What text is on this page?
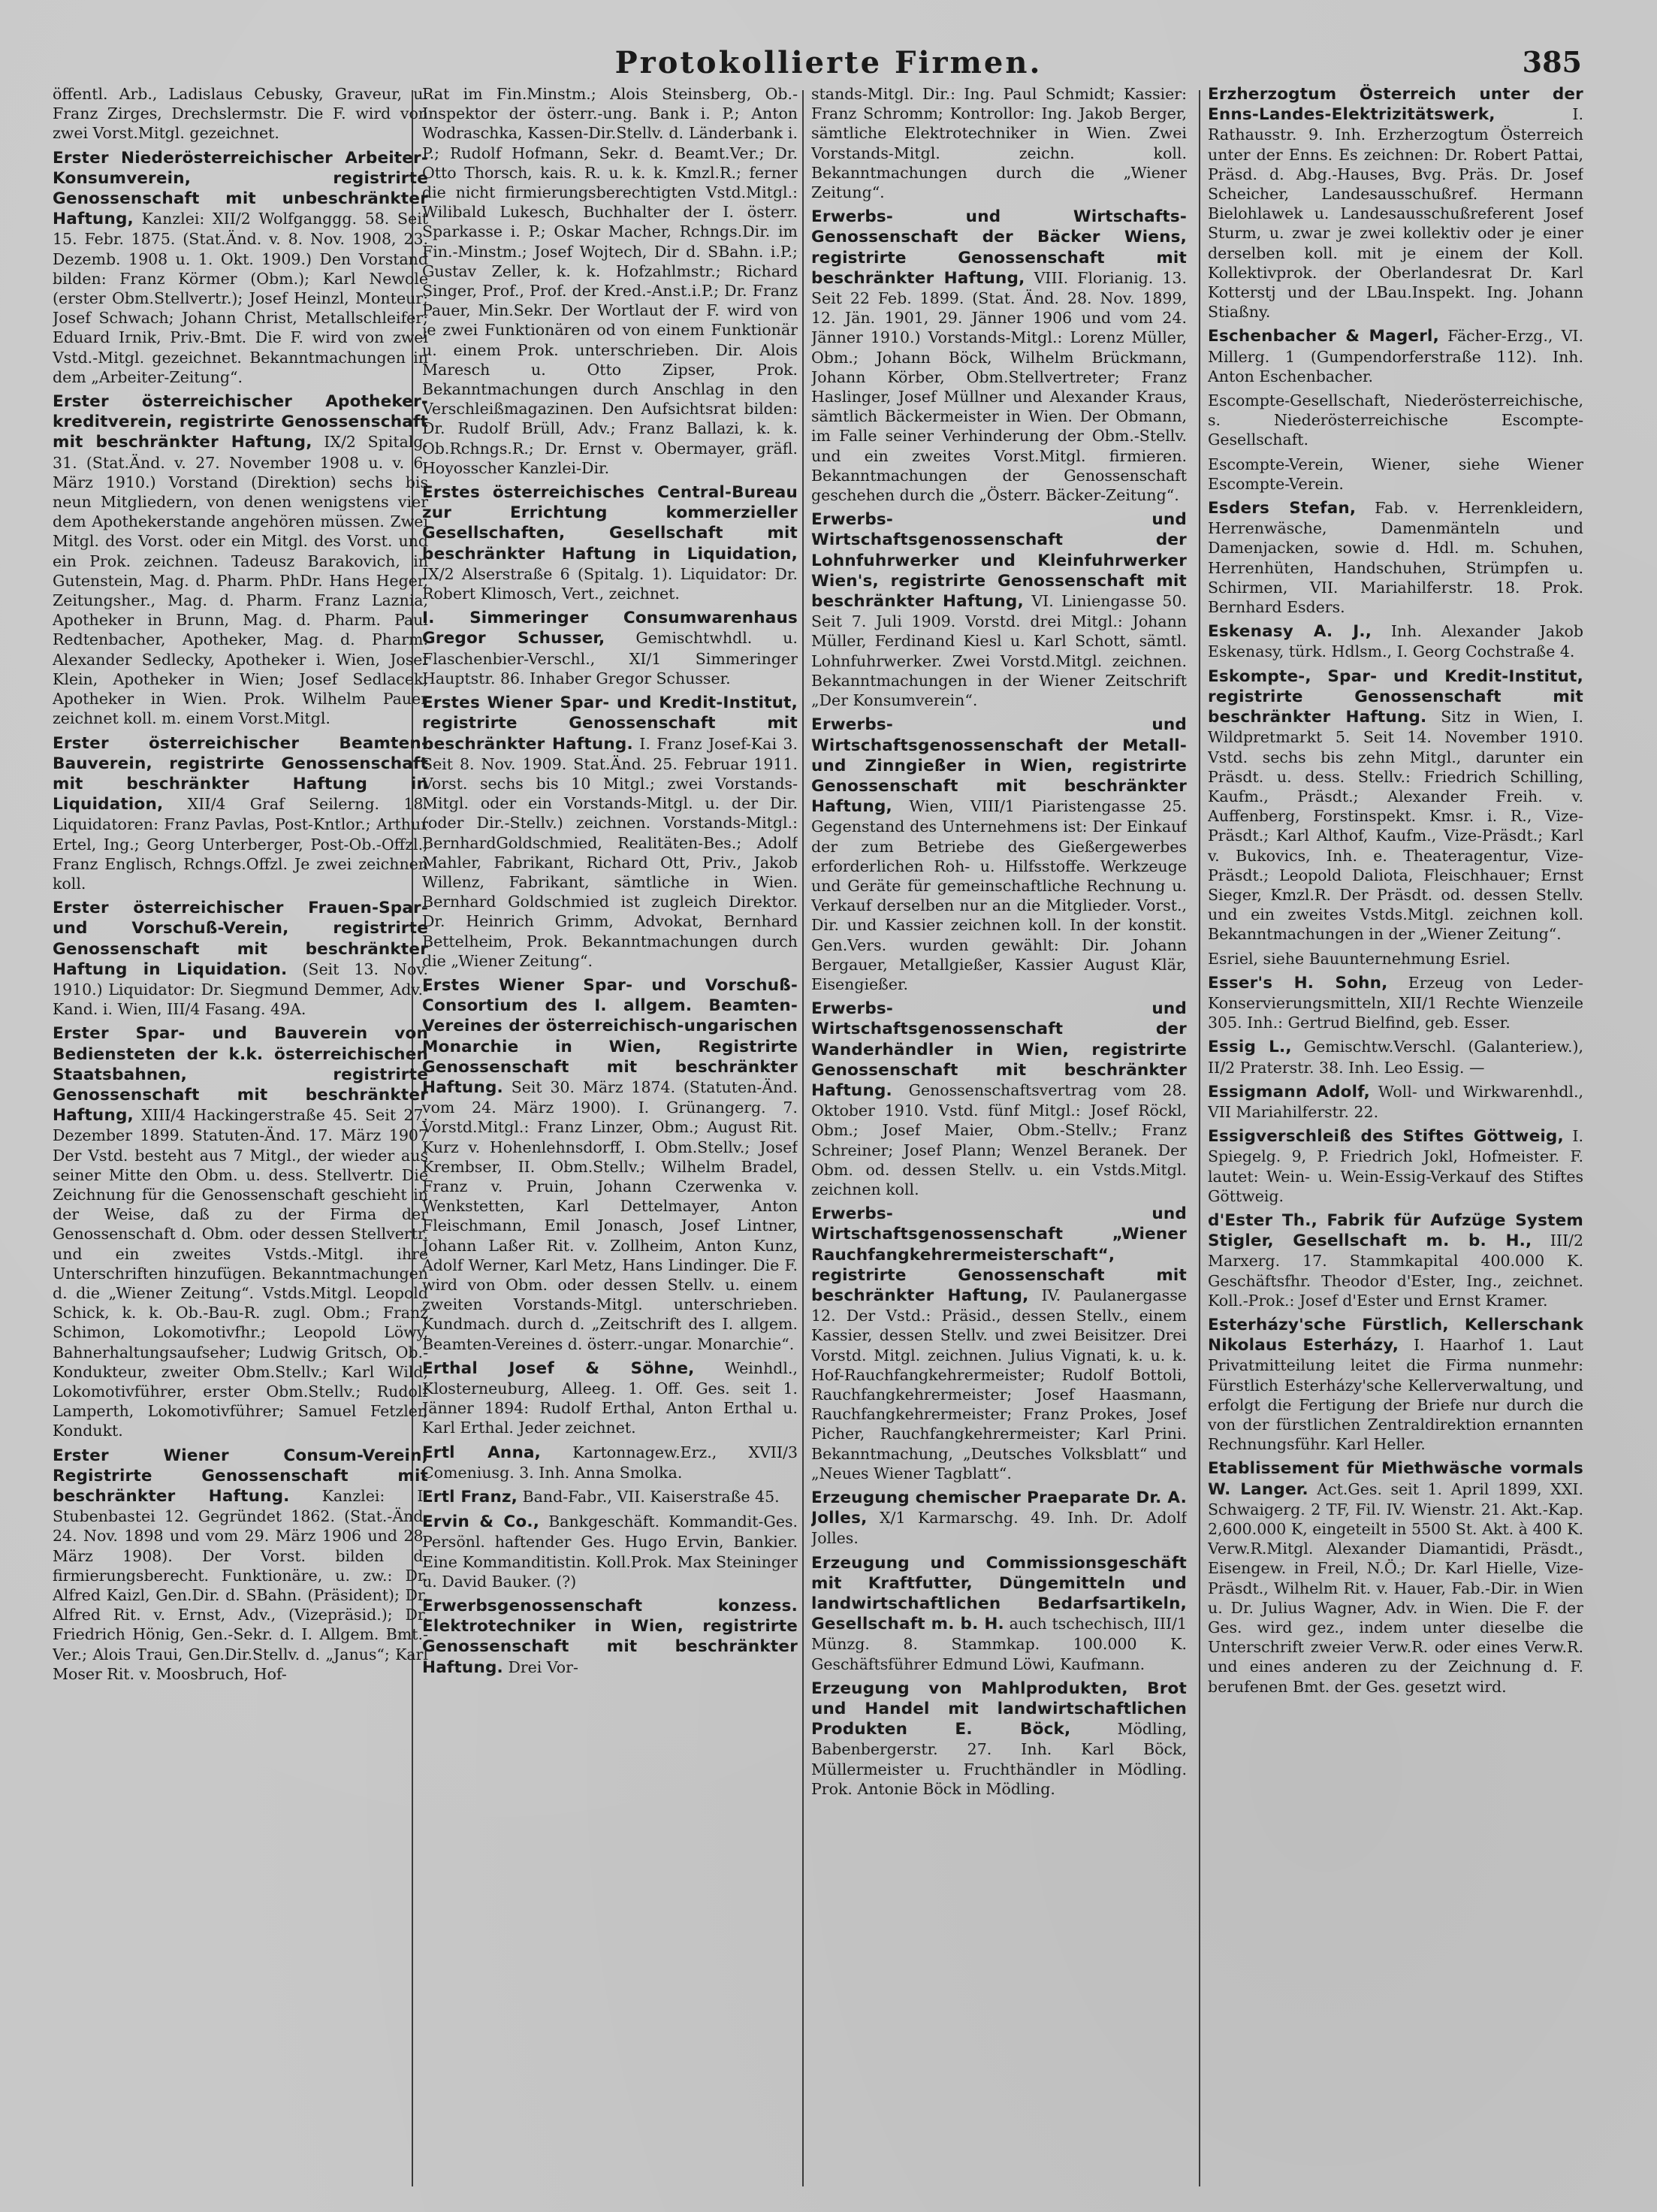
Protokollierte Firmen.	385

öffentl. Arb., Ladislaus Cebusky, Graveur, u. Franz Zirges, Drechslermstr. Die F. wird von zwei Vorst.Mitgl. gezeichnet.

Erster Niederösterreichischer Arbeiter-Konsumverein, registrirte Genossenschaft mit unbeschränkter Haftung, Kanzlei: XII/2 Wolfganggg. 58. Seit 15. Febr. 1875. (Stat.Änd. v. 8. Nov. 1908, 23. Dezemb. 1908 u. 1. Okt. 1909.) Den Vorstand bilden: Franz Körmer (Obm.); Karl Newole (erster Obm.Stellvertr.); Josef Heinzl, Monteur; Josef Schwach; Johann Christ, Metallschleifer; Eduard Irnik, Priv.-Bmt. Die F. wird von zwei Vstd.-Mitgl. gezeichnet. Bekanntmachungen in dem „Arbeiter-Zeitung“.

Erster österreichischer Apotheker-kreditverein, registrirte Genossenschaft mit beschränkter Haftung, IX/2 Spitalg. 31. (Stat.Änd. v. 27. November 1908 u. v. 6. März 1910.) Vorstand (Direktion) sechs bis neun Mitgliedern, von denen wenigstens vier dem Apothekerstande angehören müssen. Zwei Mitgl. des Vorst. oder ein Mitgl. des Vorst. und ein Prok. zeichnen. Tadeusz Barakovich, in Gutenstein, Mag. d. Pharm. PhDr. Hans Heger, Zeitungsher., Mag. d. Pharm. Franz Laznia, Apotheker in Brunn, Mag. d. Pharm. Paul Redtenbacher, Apotheker, Mag. d. Pharm. Alexander Sedlecky, Apotheker i. Wien, Josef Klein, Apotheker in Wien; Josef Sedlacek, Apotheker in Wien. Prok. Wilhelm Pauer zeichnet koll. m. einem Vorst.Mitgl.

Erster österreichischer Beamten-Bauverein, registrirte Genossenschaft mit beschränkter Haftung in Liquidation, XII/4 Graf Seilerng. 18. Liquidatoren: Franz Pavlas, Post-Kntlor.; Arthur Ertel, Ing.; Georg Unterberger, Post-Ob.-Offzl.; Franz Englisch, Rchngs.Offzl. Je zwei zeichnen koll.

Erster österreichischer Frauen-Spar- und Vorschuß-Verein, registrirte Genossenschaft mit beschränkter Haftung in Liquidation. (Seit 13. Nov. 1910.) Liquidator: Dr. Siegmund Demmer, Adv.-Kand. i. Wien, III/4 Fasang. 49A.

Erster Spar- und Bauverein von Bediensteten der k.k. österreichischen Staatsbahnen, registrirte Genossenschaft mit beschränkter Haftung, XIII/4 Hackingerstraße 45. Seit 27. Dezember 1899. Statuten-Änd. 17. März 1907 Der Vstd. besteht aus 7 Mitgl., der wieder aus seiner Mitte den Obm. u. dess. Stellvertr. Die Zeichnung für die Genossenschaft geschieht in der Weise, daß zu der Firma der Genossenschaft d. Obm. oder dessen Stellvertr. und ein zweites Vstds.-Mitgl. ihre Unterschriften hinzufügen. Bekanntmachungen d. die „Wiener Zeitung“. Vstds.Mitgl. Leopold Schick, k. k. Ob.-Bau-R. zugl. Obm.; Franz Schimon, Lokomotivfhr.; Leopold Löwy, Bahnerhaltungsaufseher; Ludwig Gritsch, Ob.-Kondukteur, zweiter Obm.Stellv.; Karl Wild, Lokomotivführer, erster Obm.Stellv.; Rudolf Lamperth, Lokomotivführer; Samuel Fetzler, Kondukt.

Erster Wiener Consum-Verein, Registrirte Genossenschaft mit beschränkter Haftung. Kanzlei: I. Stubenbastei 12. Gegründet 1862. (Stat.-Änd. 24. Nov. 1898 und vom 29. März 1906 und 28. März 1908). Der Vorst. bilden d. firmierungsberecht. Funktionäre, u. zw.: Dr. Alfred Kaizl, Gen.Dir. d. SBahn. (Präsident); Dr. Alfred Rit. v. Ernst, Adv., (Vizepräsid.); Dr. Friedrich Hönig, Gen.-Sekr. d. I. Allgem. Bmt.-Ver.; Alois Traui, Gen.Dir.Stellv. d. „Janus“; Karl Moser Rit. v. Moosbruch, Hof-

Rat im Fin.Minstm.; Alois Steinsberg, Ob.-Inspektor der österr.-ung. Bank i. P.; Anton Wodraschka, Kassen-Dir.Stellv. d. Länderbank i. P.; Rudolf Hofmann, Sekr. d. Beamt.Ver.; Dr. Otto Thorsch, kais. R. u. k. k. Kmzl.R.; ferner die nicht firmierungsberechtigten Vstd.Mitgl.: Wilibald Lukesch, Buchhalter der I. österr. Sparkasse i. P.; Oskar Macher, Rchngs.Dir. im Fin.-Minstm.; Josef Wojtech, Dir d. SBahn. i.P.; Gustav Zeller, k. k. Hofzahlmstr.; Richard Singer, Prof., Prof. der Kred.-Anst.i.P.; Dr. Franz Pauer, Min.Sekr. Der Wortlaut der F. wird von je zwei Funktionären od von einem Funktionär u. einem Prok. unterschrieben. Dir. Alois Maresch u. Otto Zipser, Prok. Bekanntmachungen durch Anschlag in den Verschleißmagazinen. Den Aufsichtsrat bilden: Dr. Rudolf Brüll, Adv.; Franz Ballazi, k. k. Ob.Rchngs.R.; Dr. Ernst v. Obermayer, gräfl. Hoyosscher Kanzlei-Dir.

Erstes österreichisches Central-Bureau zur Errichtung kommerzieller Gesellschaften, Gesellschaft mit beschränkter Haftung in Liquidation, IX/2 Alserstraße 6 (Spitalg. 1). Liquidator: Dr. Robert Klimosch, Vert., zeichnet.

I. Simmeringer Consumwarenhaus Gregor Schusser, Gemischtwhdl. u. Flaschenbier-Verschl., XI/1 Simmeringer Hauptstr. 86. Inhaber Gregor Schusser.

Erstes Wiener Spar- und Kredit-Institut, registrirte Genossenschaft mit beschränkter Haftung. I. Franz Josef-Kai 3. Seit 8. Nov. 1909. Stat.Änd. 25. Februar 1911. Vorst. sechs bis 10 Mitgl.; zwei Vorstands-Mitgl. oder ein Vorstands-Mitgl. u. der Dir. (oder Dir.-Stellv.) zeichnen. Vorstands-Mitgl.: BernhardGoldschmied, Realitäten-Bes.; Adolf Mahler, Fabrikant, Richard Ott, Priv., Jakob Willenz, Fabrikant, sämtliche in Wien. Bernhard Goldschmied ist zugleich Direktor. Dr. Heinrich Grimm, Advokat, Bernhard Bettelheim, Prok. Bekanntmachungen durch die „Wiener Zeitung“.

Erstes Wiener Spar- und Vorschuß-Consortium des I. allgem. Beamten-Vereines der österreichisch-ungarischen Monarchie in Wien, Registrirte Genossenschaft mit beschränkter Haftung. Seit 30. März 1874. (Statuten-Änd. vom 24. März 1900). I. Grünangerg. 7. Vorstd.Mitgl.: Franz Linzer, Obm.; August Rit. Kurz v. Hohenlehnsdorff, I. Obm.Stellv.; Josef Krembser, II. Obm.Stellv.; Wilhelm Bradel, Franz v. Pruin, Johann Czerwenka v. Wenkstetten, Karl Dettelmayer, Anton Fleischmann, Emil Jonasch, Josef Lintner, Johann Laßer Rit. v. Zollheim, Anton Kunz, Adolf Werner, Karl Metz, Hans Lindinger. Die F. wird von Obm. oder dessen Stellv. u. einem zweiten Vorstands-Mitgl. unterschrieben. Kundmach. durch d. „Zeitschrift des I. allgem. Beamten-Vereines d. österr.-ungar. Monarchie“.

Erthal Josef & Söhne, Weinhdl., Klosterneuburg, Alleeg. 1. Off. Ges. seit 1. Jänner 1894: Rudolf Erthal, Anton Erthal u. Karl Erthal. Jeder zeichnet.

Ertl Anna, Kartonnagew.Erz., XVII/3 Comeniusg. 3. Inh. Anna Smolka.

Ertl Franz, Band-Fabr., VII. Kaiserstraße 45.

Ervin & Co., Bankgeschäft. Kommandit-Ges. Persönl. haftender Ges. Hugo Ervin, Bankier. Eine Kommanditistin. Koll.Prok. Max Steininger u. David Bauker. (?)

Erwerbsgenossenschaft konzess. Elektrotechniker in Wien, registrirte Genossenschaft mit beschränkter Haftung. Drei Vor-

stands-Mitgl. Dir.: Ing. Paul Schmidt; Kassier: Franz Schromm; Kontrollor: Ing. Jakob Berger, sämtliche Elektrotechniker in Wien. Zwei Vorstands-Mitgl. zeichn. koll. Bekanntmachungen durch die „Wiener Zeitung“.

Erwerbs- und Wirtschafts-Genossenschaft der Bäcker Wiens, registrirte Genossenschaft mit beschränkter Haftung, VIII. Florianig. 13. Seit 22 Feb. 1899. (Stat. Änd. 28. Nov. 1899, 12. Jän. 1901, 29. Jänner 1906 und vom 24. Jänner 1910.) Vorstands-Mitgl.: Lorenz Müller, Obm.; Johann Böck, Wilhelm Brückmann, Johann Körber, Obm.Stellvertreter; Franz Haslinger, Josef Müllner und Alexander Kraus, sämtlich Bäckermeister in Wien. Der Obmann, im Falle seiner Verhinderung der Obm.-Stellv. und ein zweites Vorst.Mitgl. firmieren. Bekanntmachungen der Genossenschaft geschehen durch die „Österr. Bäcker-Zeitung“.

Erwerbs- und Wirtschaftsgenossenschaft der Lohnfuhrwerker und Kleinfuhrwerker Wien's, registrirte Genossenschaft mit beschränkter Haftung, VI. Liniengasse 50. Seit 7. Juli 1909. Vorstd. drei Mitgl.: Johann Müller, Ferdinand Kiesl u. Karl Schott, sämtl. Lohnfuhrwerker. Zwei Vorstd.Mitgl. zeichnen. Bekanntmachungen in der Wiener Zeitschrift „Der Konsumverein“.

Erwerbs- und Wirtschaftsgenossenschaft der Metall- und Zinngießer in Wien, registrirte Genossenschaft mit beschränkter Haftung, Wien, VIII/1 Piaristengasse 25. Gegenstand des Unternehmens ist: Der Einkauf der zum Betriebe des Gießergewerbes erforderlichen Roh- u. Hilfsstoffe. Werkzeuge und Geräte für gemeinschaftliche Rechnung u. Verkauf derselben nur an die Mitglieder. Vorst., Dir. und Kassier zeichnen koll. In der konstit. Gen.Vers. wurden gewählt: Dir. Johann Bergauer, Metallgießer, Kassier August Klär, Eisengießer.

Erwerbs- und Wirtschaftsgenossenschaft der Wanderhändler in Wien, registrirte Genossenschaft mit beschränkter Haftung. Genossenschaftsvertrag vom 28. Oktober 1910. Vstd. fünf Mitgl.: Josef Röckl, Obm.; Josef Maier, Obm.-Stellv.; Franz Schreiner; Josef Plann; Wenzel Beranek. Der Obm. od. dessen Stellv. u. ein Vstds.Mitgl. zeichnen koll.

Erwerbs- und Wirtschaftsgenossenschaft „Wiener Rauchfangkehrermeisterschaft“, registrirte Genossenschaft mit beschränkter Haftung, IV. Paulanergasse 12. Der Vstd.: Präsid., dessen Stellv., einem Kassier, dessen Stellv. und zwei Beisitzer. Drei Vorstd. Mitgl. zeichnen. Julius Vignati, k. u. k. Hof-Rauchfangkehrermeister; Rudolf Bottoli, Rauchfangkehrermeister; Josef Haasmann, Rauchfangkehrermeister; Franz Prokes, Josef Picher, Rauchfangkehrermeister; Karl Prini. Bekanntmachung, „Deutsches Volksblatt“ und „Neues Wiener Tagblatt“.

Erzeugung chemischer Praeparate Dr. A. Jolles, X/1 Karmarschg. 49. Inh. Dr. Adolf Jolles.

Erzeugung und Commissionsgeschäft mit Kraftfutter, Düngemitteln und landwirtschaftlichen Bedarfsartikeln, Gesellschaft m. b. H. auch tschechisch, III/1 Münzg. 8. Stammkap. 100.000 K. Geschäftsführer Edmund Löwi, Kaufmann.

Erzeugung von Mahlprodukten, Brot und Handel mit landwirtschaftlichen Produkten E. Böck,	Mödling, Babenbergerstr. 27. Inh. Karl Böck, Müllermeister u. Fruchthändler in Mödling. Prok. Antonie Böck in Mödling.

Erzherzogtum Österreich unter der Enns-Landes-Elektrizitätswerk,	I. Rathausstr. 9. Inh. Erzherzogtum Österreich unter der Enns. Es zeichnen: Dr. Robert Pattai, Präsd. d. Abg.-Hauses, Bvg. Präs. Dr. Josef Scheicher, Landesausschußref. Hermann Bielohlawek u. Landesausschußreferent Josef Sturm, u. zwar je zwei kollektiv oder je einer derselben koll. mit je einem der Koll. Kollektivprok. der Oberlandesrat Dr. Karl Kotterstj und der LBau.Inspekt. Ing. Johann Stiaßny.

Eschenbacher & Magerl, Fächer-Erzg., VI. Millerg. 1 (Gumpendorferstraße 112). Inh. Anton Eschenbacher.

Escompte-Gesellschaft, Niederösterreichische, s. Niederösterreichische Escompte-Gesellschaft.

Escompte-Verein, Wiener, siehe Wiener Escompte-Verein.

Esders Stefan, Fab. v. Herrenkleidern, Herrenwäsche, Damenmänteln und Damenjacken, sowie d. Hdl. m. Schuhen, Herrenhüten, Handschuhen, Strümpfen u. Schirmen, VII. Mariahilferstr. 18. Prok. Bernhard Esders.

Eskenasy A. J., Inh. Alexander Jakob Eskenasy, türk. Hdlsm., I. Georg Cochstraße 4.

Eskompte-, Spar- und Kredit-Institut, registrirte Genossenschaft mit beschränkter Haftung. Sitz in Wien, I. Wildpretmarkt 5. Seit 14. November 1910. Vstd. sechs bis zehn Mitgl., darunter ein Präsdt. u. dess. Stellv.: Friedrich Schilling, Kaufm., Präsdt.; Alexander Freih. v. Auffenberg, Forstinspekt. Kmsr. i. R., Vize-Präsdt.; Karl Althof, Kaufm., Vize-Präsdt.; Karl v. Bukovics, Inh. e. Theateragentur, Vize-Präsdt.; Leopold Daliota, Fleischhauer; Ernst Sieger, Kmzl.R. Der Präsdt. od. dessen Stellv. und ein zweites Vstds.Mitgl. zeichnen koll. Bekanntmachungen in der „Wiener Zeitung“.

Esriel, siehe Bauunternehmung Esriel.

Esser's H. Sohn, Erzeug von Leder-Konservierungsmitteln, XII/1 Rechte Wienzeile 305. Inh.: Gertrud Bielfind, geb. Esser.

Essig L., Gemischtw.Verschl. (Galanteriew.), II/2 Praterstr. 38. Inh. Leo Essig. —

Essigmann Adolf, Woll- und Wirkwarenhdl., VII Mariahilferstr. 22.

Essigverschleiß des Stiftes Göttweig, I. Spiegelg. 9, P. Friedrich Jokl, Hofmeister. F. lautet: Wein- u. Wein-Essig-Verkauf des Stiftes Göttweig.

d'Ester Th., Fabrik für Aufzüge System Stigler, Gesellschaft m. b. H., III/2 Marxerg. 17. Stammkapital 400.000 K. Geschäftsfhr. Theodor d'Ester, Ing., zeichnet. Koll.-Prok.: Josef d'Ester und Ernst Kramer.

Esterházy'sche Fürstlich, Kellerschank Nikolaus Esterházy, I. Haarhof 1. Laut Privatmitteilung leitet die Firma nunmehr: Fürstlich Esterházy'sche Kellerverwaltung, und erfolgt die Fertigung der Briefe nur durch die von der fürstlichen Zentraldirektion ernannten Rechnungsführ. Karl Heller.

Etablissement für Miethwäsche vormals W. Langer. Act.Ges. seit 1. April 1899, XXI. Schwaigerg. 2 TF, Fil. IV. Wienstr. 21. Akt.-Kap. 2,600.000 K, eingeteilt in 5500 St. Akt. à 400 K. Verw.R.Mitgl. Alexander Diamantidi, Präsdt., Eisengew. in Freil, N.Ö.; Dr. Karl Hielle, Vize-Präsdt., Wilhelm Rit. v. Hauer, Fab.-Dir. in Wien u. Dr. Julius Wagner, Adv. in Wien. Die F. der Ges. wird gez., indem unter dieselbe die Unterschrift zweier Verw.R. oder eines Verw.R. und eines anderen zu der Zeichnung d. F. berufenen Bmt. der Ges. gesetzt wird.
